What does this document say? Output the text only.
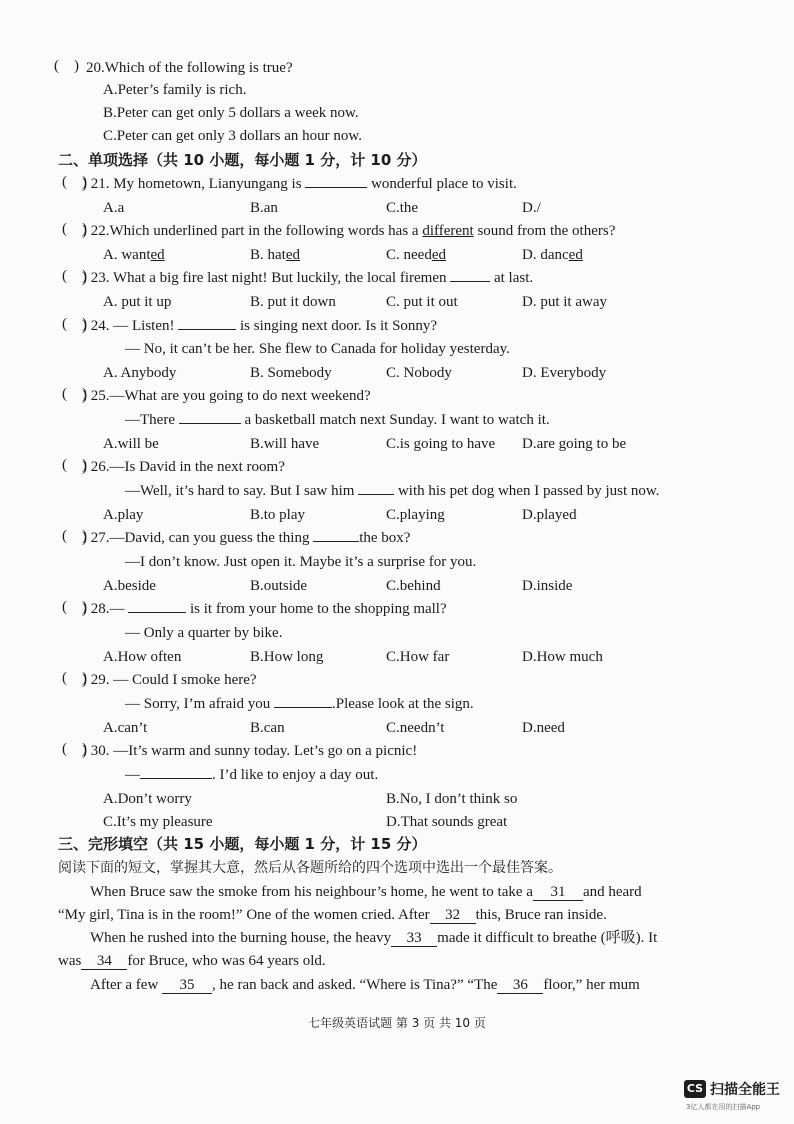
(    ) 20.Which of the following is true?
A.Peter’s family is rich.
B.Peter can get only 5 dollars a week now.
C.Peter can get only 3 dollars an hour now.
二、单项选择（共 10 小题，每小题 1 分，计 10 分）
(    )
) 21. My hometown, Lianyungang is	wonderful place to visit.
A.a	B.an	C.the	D./
(    )
) 22.Which underlined part in the following words has a different sound from the others?
A. wanted	B. hated	C. needed	D. danced
(    )
) 23. What a big fire last night! But luckily, the local firemen	at last.
A. put it up	B. put it down	C. put it out	D. put it away
(    )
) 24. — Listen!	is singing next door. Is it Sonny?
— No, it can’t be her. She flew to Canada for holiday yesterday.
A. Anybody	B. Somebody	C. Nobody	D. Everybody
(    )
) 25.—What are you going to do next weekend?
—There	a basketball match next Sunday. I want to watch it.
A.will be	B.will have	C.is going to have D.are going to be
(    )
) 26.—Is David in the next room?
—Well, it’s hard to say. But I saw him	with his pet dog when I passed by just now.
A.play	B.to play	C.playing	D.played
(    )
) 27.—David, can you guess the thing	the box?
—I don’t know. Just open it. Maybe it’s a surprise for you.
A.beside	B.outside	C.behind	D.inside
(    )
) 28.—	is it from your home to the shopping mall?
— Only a quarter by bike.
A.How often	B.How long	C.How far	D.How much
(    )
) 29. — Could I smoke here?
— Sorry, I’m afraid you	.Please look at the sign.
A.can’t	B.can	C.needn’t	D.need
(    )
) 30. —It’s warm and sunny today. Let’s go on a picnic!
—	. I’d like to enjoy a day out.
A.Don’t worry	B.No, I don’t think so
C.It’s my pleasure	D.That sounds great
三、完形填空（共 15 小题，每小题 1 分，计 15 分）
阅读下面的短文，掌握其大意，然后从各题所给的四个选项中选出一个最佳答案。
When Bruce saw the smoke from his neighbour’s home, he went to take a 31 and heard
“My girl, Tina is in the room!” One of the women cried. After 32 this, Bruce ran inside.
When he rushed into the burning house, the heavy 33 made it difficult to breathe (呼吸). It
was 34 for Bruce, who was 64 years old.
After a few 35 , he ran back and asked. “Where is Tina?” “The 36 floor,” her mum
七年级英语试题 第 3 页 共 10 页
CS 扫描全能王
3亿人都在用的扫描App
